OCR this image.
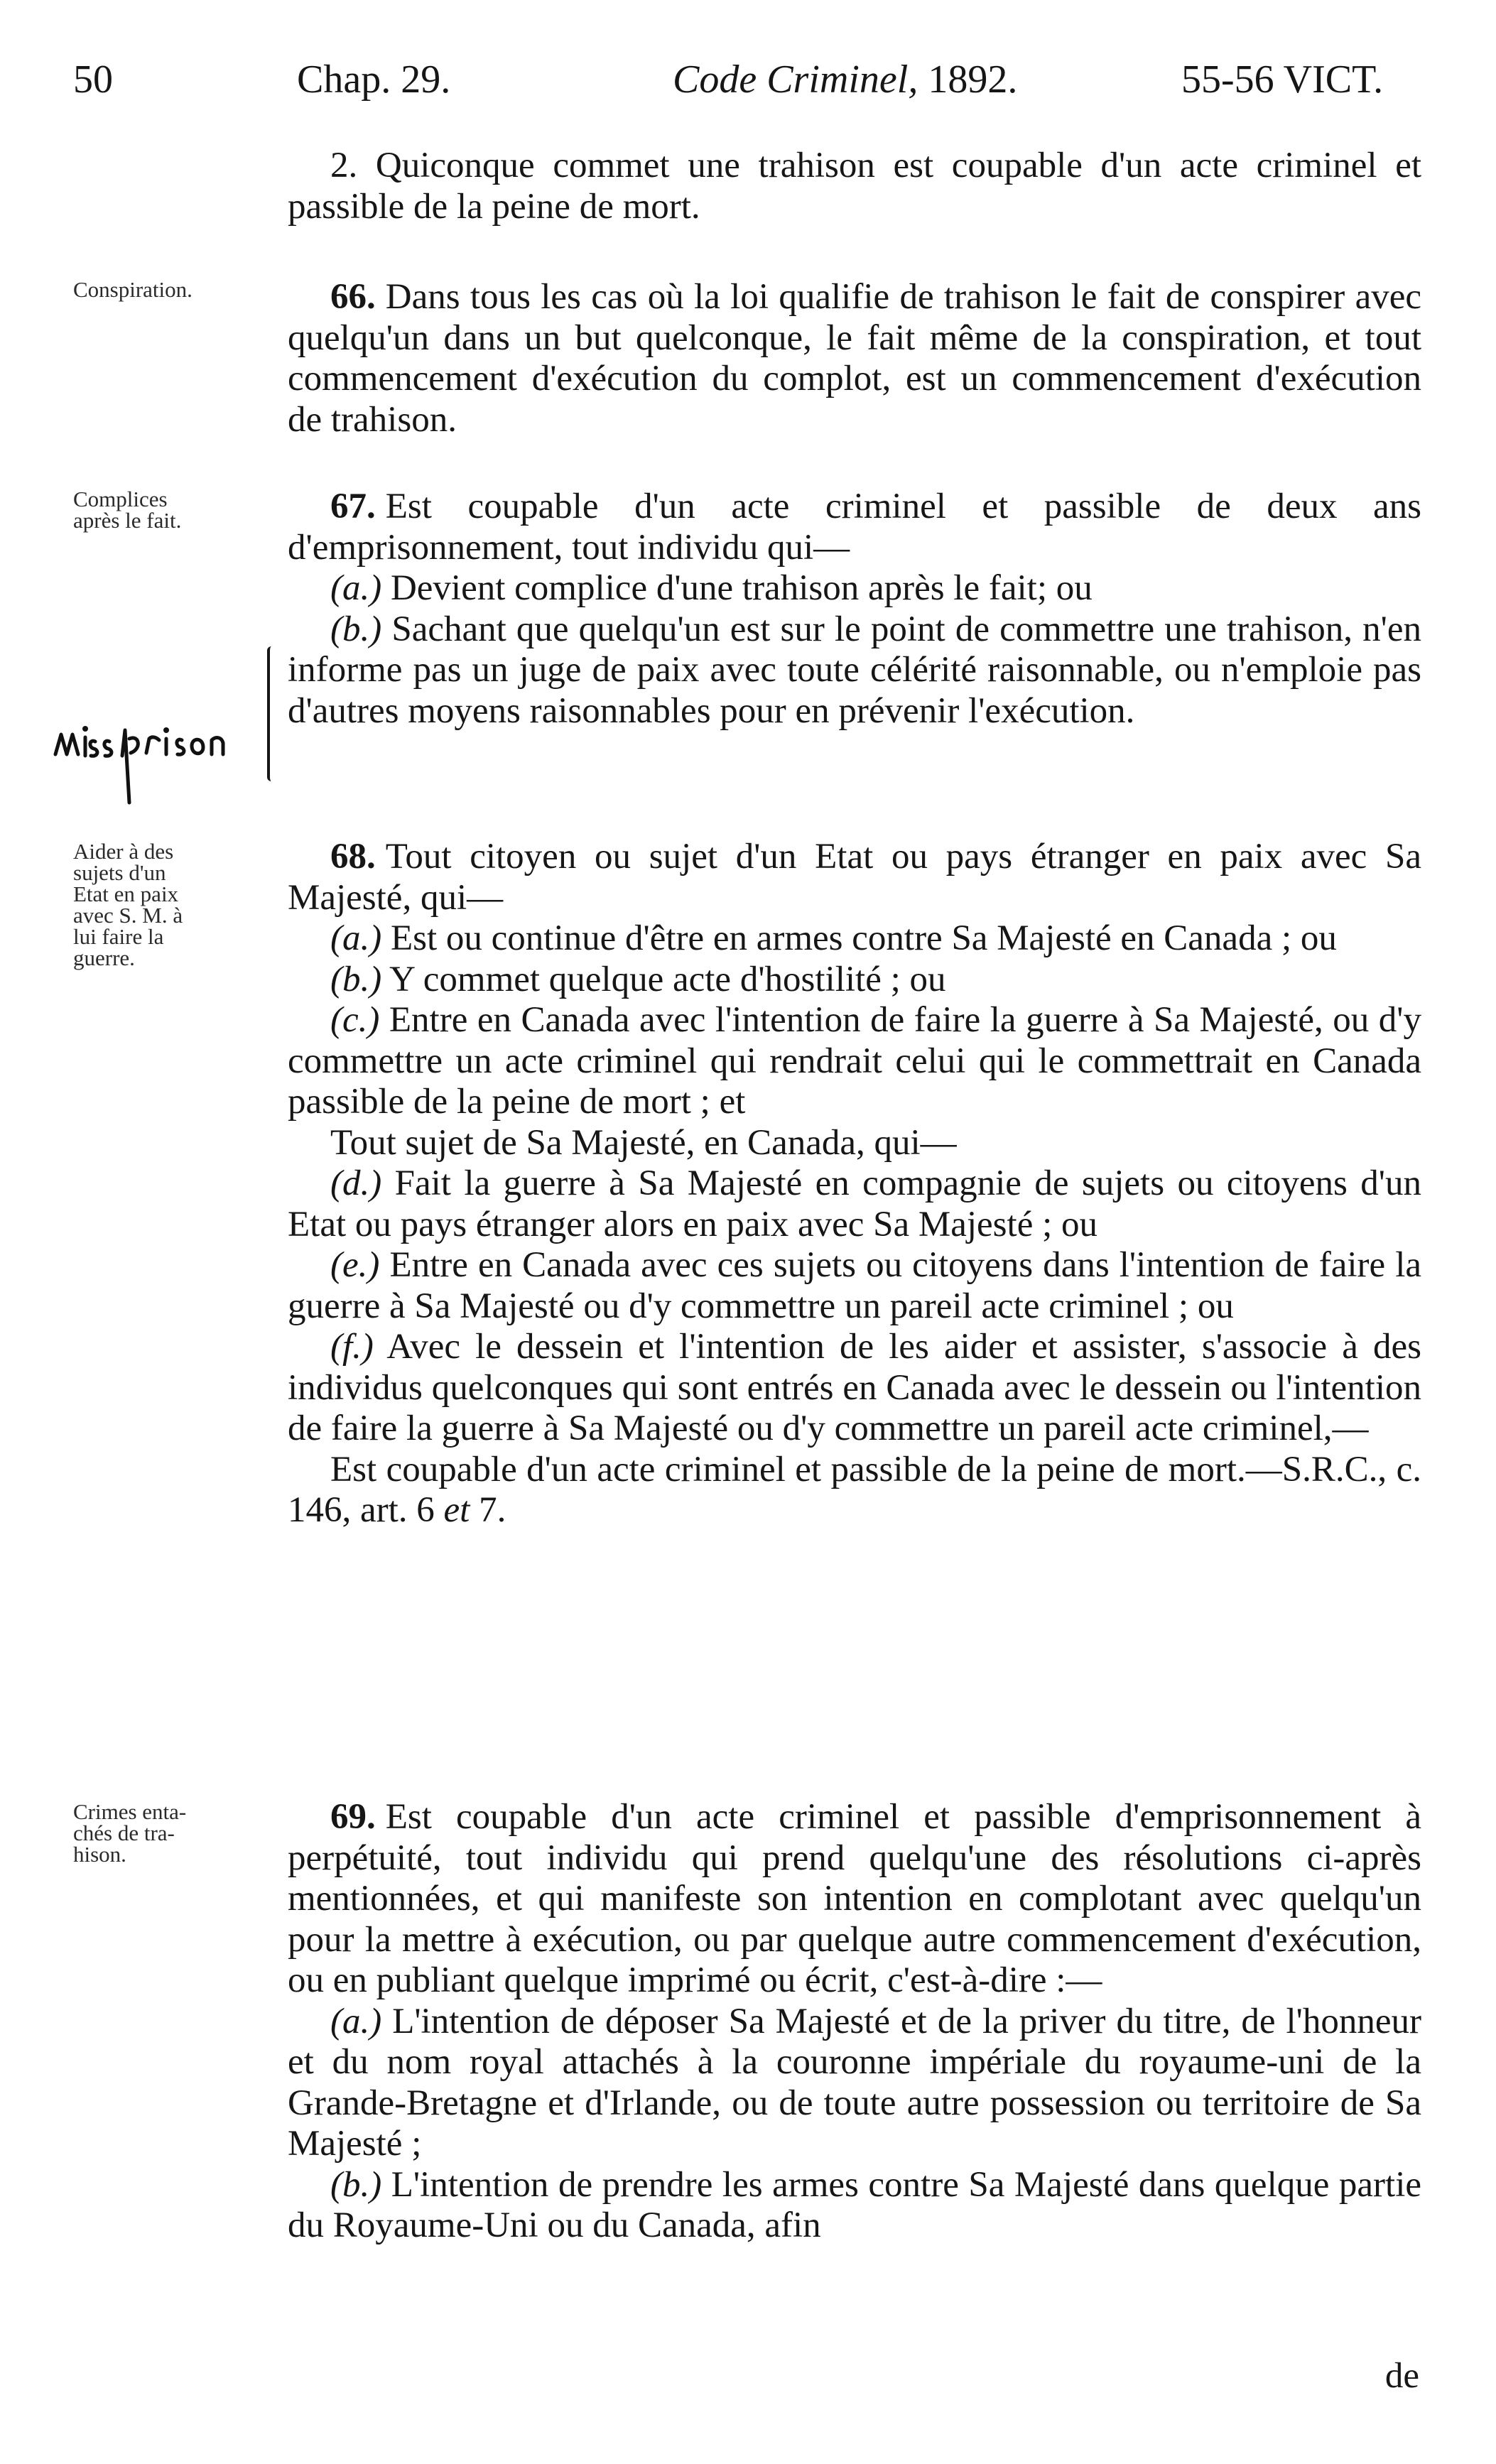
50	Chap. 29.	Code Criminel, 1892.	55-56 VICT.
Conspiration.
Complices
après le fait.
Aider à des
sujets d'un
Etat en paix
avec S. M. à
lui faire la
guerre.
Crimes enta-
chés de tra-
hison.

2. Quiconque commet une trahison est coupable d'un acte criminel et passible de la peine de mort.

66. Dans tous les cas où la loi qualifie de trahison le fait de conspirer avec quelqu'un dans un but quelconque, le fait même de la conspiration, et tout commencement d'exécution du complot, est un commencement d'exécution de trahison.

67. Est coupable d'un acte criminel et passible de deux ans d'emprisonnement, tout individu qui—

(a.) Devient complice d'une trahison après le fait; ou

(b.) Sachant que quelqu'un est sur le point de commettre une trahison, n'en informe pas un juge de paix avec toute célérité raisonnable, ou n'emploie pas d'autres moyens raisonnables pour en prévenir l'exécution.

68. Tout citoyen ou sujet d'un Etat ou pays étranger en paix avec Sa Majesté, qui—

(a.) Est ou continue d'être en armes contre Sa Majesté en Canada ; ou

(b.) Y commet quelque acte d'hostilité ; ou

(c.) Entre en Canada avec l'intention de faire la guerre à Sa Majesté, ou d'y commettre un acte criminel qui rendrait celui qui le commettrait en Canada passible de la peine de mort ; et

Tout sujet de Sa Majesté, en Canada, qui—

(d.) Fait la guerre à Sa Majesté en compagnie de sujets ou citoyens d'un Etat ou pays étranger alors en paix avec Sa Majesté ; ou

(e.) Entre en Canada avec ces sujets ou citoyens dans l'intention de faire la guerre à Sa Majesté ou d'y commettre un pareil acte criminel ; ou

(f.) Avec le dessein et l'intention de les aider et assister, s'associe à des individus quelconques qui sont entrés en Canada avec le dessein ou l'intention de faire la guerre à Sa Majesté ou d'y commettre un pareil acte criminel,—

Est coupable d'un acte criminel et passible de la peine de mort.—S.R.C., c. 146, art. 6 et 7.

69. Est coupable d'un acte criminel et passible d'emprisonnement à perpétuité, tout individu qui prend quelqu'une des résolutions ci-après mentionnées, et qui manifeste son intention en complotant avec quelqu'un pour la mettre à exécution, ou par quelque autre commencement d'exécution, ou en publiant quelque imprimé ou écrit, c'est-à-dire :—

(a.) L'intention de déposer Sa Majesté et de la priver du titre, de l'honneur et du nom royal attachés à la couronne impériale du royaume-uni de la Grande-Bretagne et d'Irlande, ou de toute autre possession ou territoire de Sa Majesté ;

(b.) L'intention de prendre les armes contre Sa Majesté dans quelque partie du Royaume-Uni ou du Canada, afin

de
